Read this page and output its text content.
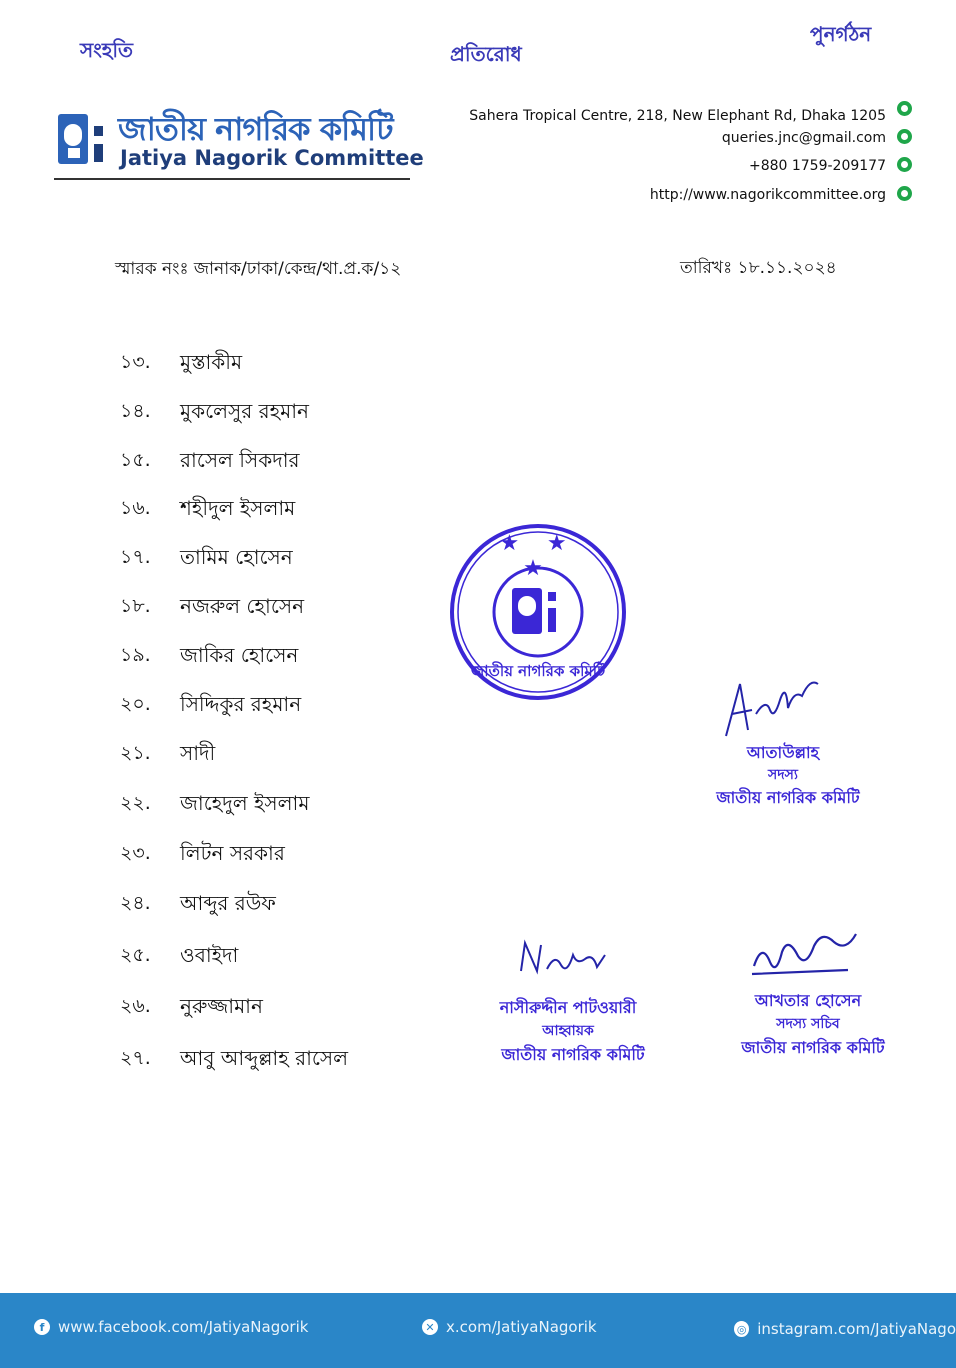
সংহতি	প্রতিরোধ
পুনর্গঠন
জাতীয় নাগরিক কমিটি
Jatiya Nagorik Committee
Sahera Tropical Centre, 218, New Elephant Rd, Dhaka 1205
queries.jnc@gmail.com
+880 1759-209177
http://www.nagorikcommittee.org
স্মারক নংঃ জানাক/ঢাকা/কেন্দ্র/থা.প্র.ক/১২	তারিখঃ ১৮.১১.২০২৪
১৩.	মুস্তাকীম
১৪.	মুকলেসুর রহমান
১৫.	রাসেল সিকদার
১৬.	শহীদুল ইসলাম
১৭.	তামিম হোসেন
১৮.	নজরুল হোসেন
১৯.	জাকির হোসেন
২০.	সিদ্দিকুর রহমান
২১.	সাদী
২২.	জাহেদুল ইসলাম
২৩.	লিটন সরকার
২৪.	আব্দুর রউফ
২৫.	ওবাইদা
২৬.	নুরুজ্জামান
২৭.	আবু আব্দুল্লাহ রাসেল
★ ★ ★
জাতীয় নাগরিক কমিটি
আতাউল্লাহ
সদস্য
জাতীয় নাগরিক কমিটি
নাসীরুদ্দীন পাটওয়ারী
আহ্বায়ক
জাতীয় নাগরিক কমিটি
আখতার হোসেন
সদস্য সচিব
জাতীয় নাগরিক কমিটি
f www.facebook.com/JatiyaNagorik	✕ x.com/JatiyaNagorik	◎ instagram.com/JatiyaNago
